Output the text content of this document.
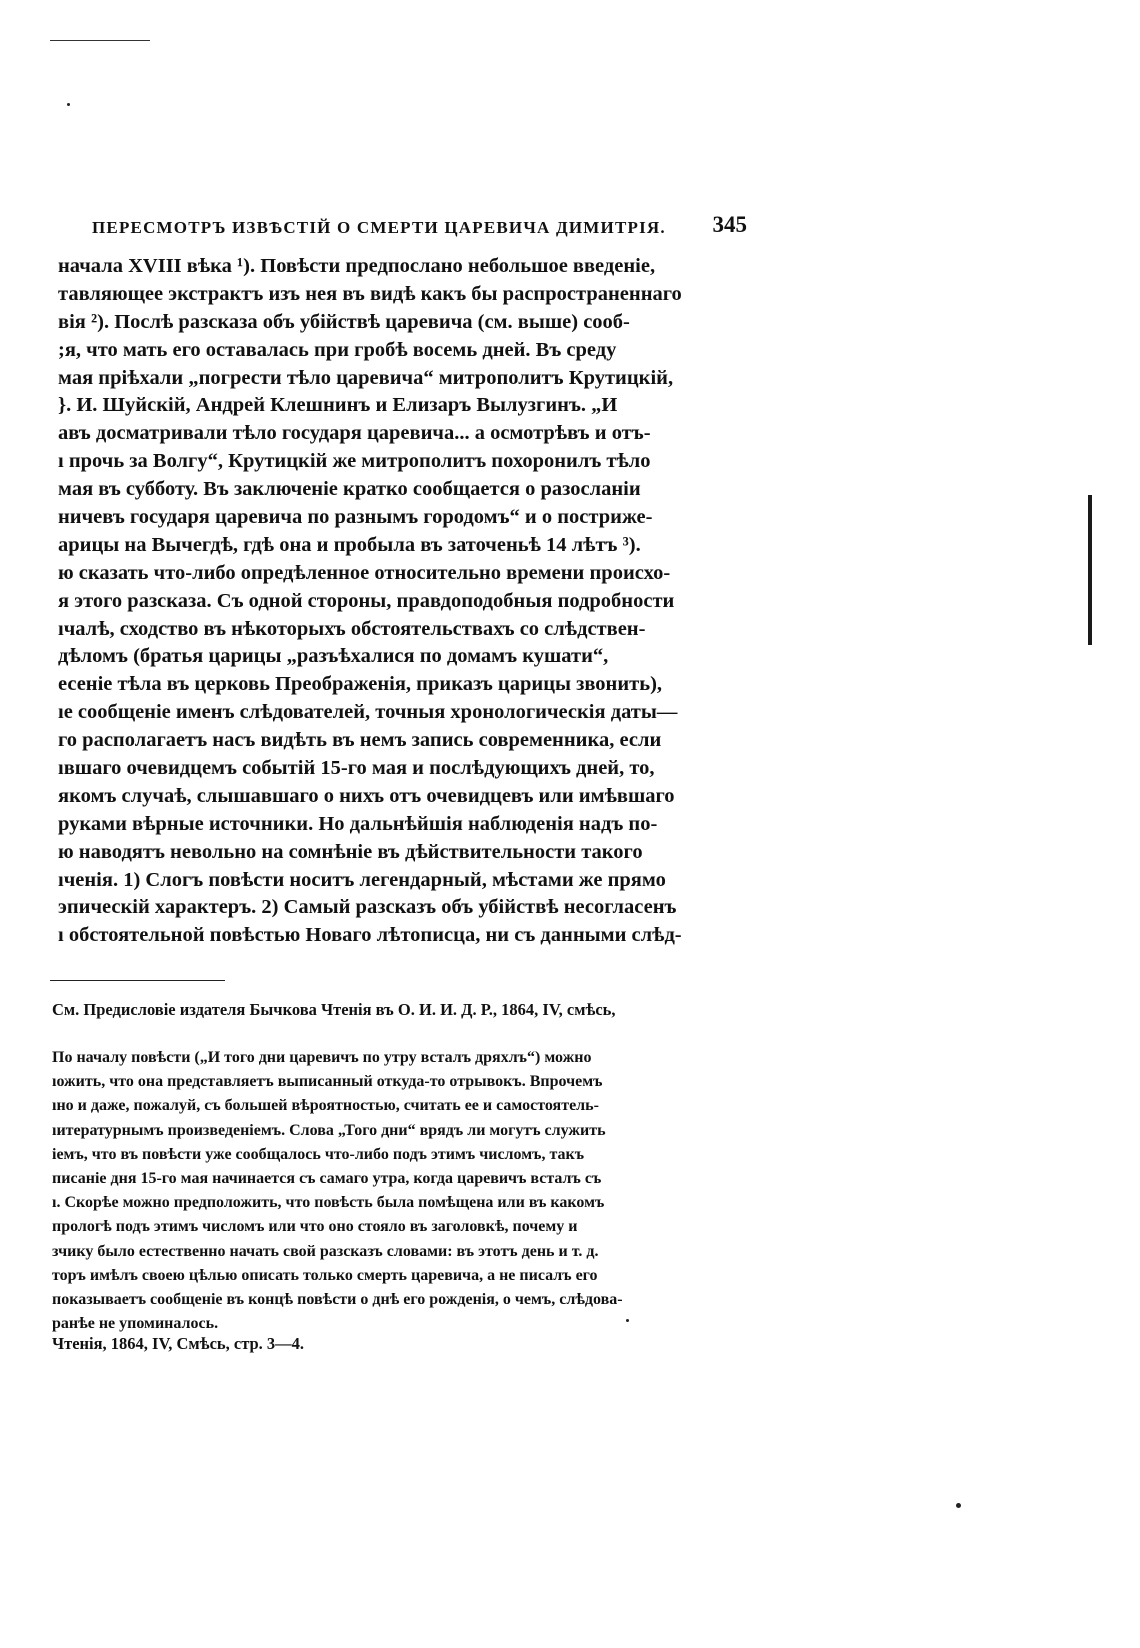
ПЕРЕСМОТРЪ ИЗВѢСТІЙ О СМЕРТИ ЦАРЕВИЧА ДИМИТРІЯ. 345
начала XVIII вѣка ¹). Повѣсти предпослано небольшое введеніе,
тавляющее экстрактъ изъ нея въ видѣ какъ бы распространеннаго
вія ²). Послѣ разсказа объ убійствѣ царевича (см. выше) сооб-
;я, что мать его оставалась при гробѣ восемь дней. Въ среду
мая пріѣхали „погрести тѣло царевича“ митрополитъ Крутицкій,
}. И. Шуйскій, Андрей Клешнинъ и Елизаръ Вылузгинъ. „И
авъ досматривали тѣло государя царевича... а осмотрѣвъ и отъ-
ı прочь за Волгу“, Крутицкій же митрополитъ похоронилъ тѣло
мая въ субботу. Въ заключеніе кратко сообщается о разосланіи
ничевъ государя царевича по разнымъ городомъ“ и о постриже-
арицы на Вычегдѣ, гдѣ она и пробыла въ заточеньѣ 14 лѣтъ ³).
ю сказать что-либо опредѣленное относительно времени происхо-
я этого разсказа. Съ одной стороны, правдоподобныя подробности
ıчалѣ, сходство въ нѣкоторыхъ обстоятельствахъ со слѣдствен-
дѣломъ (братья царицы „разъѣхалися по домамъ кушати“,
есеніе тѣла въ церковь Преображенія, приказъ царицы звонить),
ıе сообщеніе именъ слѣдователей, точныя хронологическія даты—
го располагаетъ насъ видѣть въ немъ запись современника, если
ıвшаго очевидцемъ событій 15-го мая и послѣдующихъ дней, то,
якомъ случаѣ, слышавшаго о нихъ отъ очевидцевъ или имѣвшаго
руками вѣрные источники. Но дальнѣйшія наблюденія надъ по-
ю наводятъ невольно на сомнѣніе въ дѣйствительности такого
ıченія. 1) Слогъ повѣсти носитъ легендарный, мѣстами же прямо
эпическій характеръ. 2) Самый разсказъ объ убійствѣ несогласенъ
ı обстоятельной повѣстью Новаго лѣтописца, ни съ данными слѣд-
См. Предисловіе издателя Бычкова Чтенія въ О. И. И. Д. Р., 1864, IV, смѣсь,
По началу повѣсти („И того дни царевичъ по утру всталъ дряхлъ“) можно
ıожить, что она представляетъ выписанный откуда-то отрывокъ. Впрочемъ
ıно и даже, пожалуй, съ большей вѣроятностью, считать ее и самостоятель-
ıитературнымъ произведеніемъ. Слова „Того дни“ врядъ ли могутъ служить
іемъ, что въ повѣсти уже сообщалось что-либо подъ этимъ числомъ, такъ
писаніе дня 15-го мая начинается съ самаго утра, когда царевичъ всталъ съ
ı. Скорѣе можно предположить, что повѣсть была помѣщена или въ какомъ
прологѣ подъ этимъ числомъ или что оно стояло въ заголовкѣ, почему и
зчику было естественно начать свой разсказъ словами: въ этотъ день и т. д.
торъ имѣлъ своею цѣлью описать только смерть царевича, а не писалъ его
показываетъ сообщеніе въ концѣ повѣсти о днѣ его рожденія, о чемъ, слѣдова-
ранѣе не упоминалось.
Чтенія, 1864, IV, Смѣсь, стр. 3—4.
